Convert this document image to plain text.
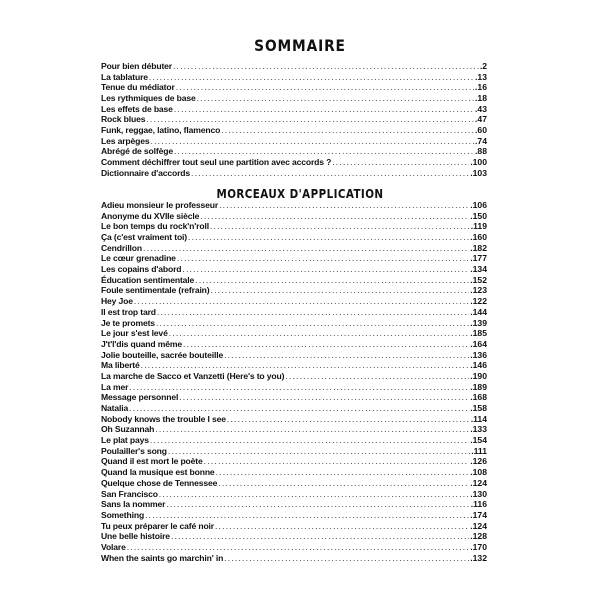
SOMMAIRE
Pour bien débuter . . .	.2
La tablature . . .	.13
Tenue du médiator . . .	.16
Les rythmiques de base . . .	.18
Les effets de base . . .	.43
Rock blues . . .	.47
Funk, reggae, latino, flamenco . . .	.60
Les arpèges . . .	.74
Abrégé de solfège . . .	.88
Comment déchiffrer tout seul une partition avec accords ? . . .	.100
Dictionnaire d'accords . . .	.103
MORCEAUX D'APPLICATION
Adieu monsieur le professeur . . .	.106
Anonyme du XVIIe siècle . . .	.150
Le bon temps du rock'n'roll . . .	.119
Ça (c'est vraiment toi) . . .	.160
Cendrillon . . .	.182
Le cœur grenadine . . .	.177
Les copains d'abord . . .	.134
Éducation sentimentale . . .	.152
Foule sentimentale (refrain) . . .	.123
Hey Joe . . .	.122
Il est trop tard . . .	.144
Je te promets . . .	.139
Le jour s'est levé . . .	.185
J't'l'dis quand même . . .	.164
Jolie bouteille, sacrée bouteille . . .	.136
Ma liberté . . .	.146
La marche de Sacco et Vanzetti (Here's to you) . . .	.190
La mer . . .	.189
Message personnel . . .	.168
Natalia . . .	.158
Nobody knows the trouble I see . . .	.114
Oh Suzannah . . .	.133
Le plat pays . . .	.154
Poulailler's song . . .	.111
Quand il est mort le poète . . .	.126
Quand la musique est bonne . . .	.108
Quelque chose de Tennessee . . .	.124
San Francisco . . .	.130
Sans la nommer . . .	.116
Something . . .	.174
Tu peux préparer le café noir . . .	.124
Une belle histoire . . .	.128
Volare . . .	.170
When the saints go marchin' in . . .	.132
